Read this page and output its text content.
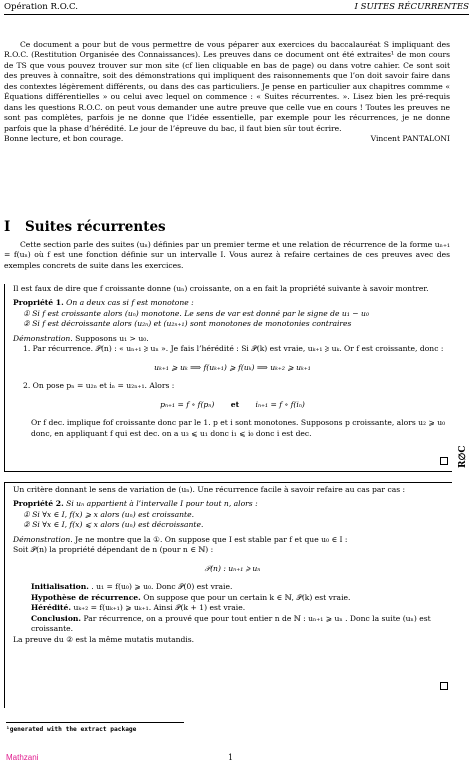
Opération R.O.C.	I SUITES RÉCURRENTES

Ce document a pour but de vous permettre de vous péparer aux exercices du baccalauréat S impliquant des R.O.C. (Restitution Organisée des Connaissances). Les preuves dans ce document ont été extraites¹ de mon cours de TS que vous pouvez trouver sur mon site (cf lien cliquable en bas de page) ou dans votre cahier. Ce sont soit des preuves à connaître, soit des démonstrations qui impliquent des raisonnements que l’on doit savoir faire dans des contextes légèrement différents, ou dans des cas particuliers. Je pense en particulier aux chapitres commme « Équations différentielles » ou celui avec lequel on commence : « Suites récurrentes. ». Lisez bien les pré-requis dans les questions R.O.C. on peut vous demander une autre preuve que celle vue en cours ! Toutes les preuves ne sont pas complètes, parfois je ne donne que l’idée essentielle, par exemple pour les récurrences, je ne donne parfois que la phase d’hérédité. Le jour de l’épreuve du bac, il faut bien sûr tout écrire.

Bonne lecture, et bon courage.	Vincent PANTALONI
I Suites récurrentes

Cette section parle des suites (uₙ) définies par un premier terme et une relation de récurrence de la forme uₙ₊₁ = f(uₙ) où f est une fonction définie sur un intervalle I. Vous aurez à refaire certaines de ces preuves avec des exemples concrets de suite dans les exercices.

Il est faux de dire que f croissante donne (uₙ) croissante, on a en fait la propriété suivante à savoir montrer.
Propriété 1. On a deux cas si f est monotone :
① Si f est croissante alors (uₙ) monotone. Le sens de var est donné par le signe de u₁ − u₀
② Si f est décroissante alors (u₂ₙ) et (u₂ₙ₊₁) sont monotones de monotonies contraires
Démonstration. Supposons u₁ > u₀.
1. Par récurrence. 𝒫(n) : « uₙ₊₁ ⩾ uₙ ». Je fais l’hérédité : Si 𝒫(k) est vraie, uₖ₊₁ ⩾ uₖ. Or f est croissante, donc :
uₖ₊₁ ⩾ uₖ ⟹ f(uₖ₊₁) ⩾ f(uₖ) ⟹ uₖ₊₂ ⩾ uₖ₊₁
2. On pose pₙ = u₂ₙ et iₙ = u₂ₙ₊₁. Alors :
pₙ₊₁ = f ∘ f(pₙ) et iₙ₊₁ = f ∘ f(iₙ)
Or f dec. implique fof croissante donc par le 1. p et i sont monotones. Supposons p croissante, alors u₂ ⩾ u₀ donc, en appliquant f qui est dec. on a u₃ ⩽ u₁ donc i₁ ⩽ i₀ donc i est dec.
R∅C
Un critère donnant le sens de variation de (uₙ). Une récurrence facile à savoir refaire au cas par cas :
Propriété 2. Si uₙ appartient à l’intervalle I pour tout n, alors :
① Si ∀x ∈ I, f(x) ⩾ x alors (uₙ) est croissante.
② Si ∀x ∈ I, f(x) ⩽ x alors (uₙ) est décroissante.
Démonstration. Je ne montre que la ①. On suppose que I est stable par f et que u₀ ∈ I :
Soit 𝒫(n) la propriété dépendant de n (pour n ∈ ℕ) :
𝒫(n) : uₙ₊₁ ⩾ uₙ
Initialisation. . u₁ = f(u₀) ⩾ u₀. Donc 𝒫(0) est vraie.
Hypothèse de récurrence. On suppose que pour un certain k ∈ ℕ, 𝒫(k) est vraie.
Hérédité. uₖ₊₂ = f(uₖ₊₁) ⩾ uₖ₊₁. Ainsi 𝒫(k + 1) est vraie.
Conclusion. Par récurrence, on a prouvé que pour tout entier n de ℕ : uₙ₊₁ ⩾ uₙ . Donc la suite (uₙ) est croissante.
La preuve du ② est la même mutatis mutandis.
¹generated with the extract package
Mathzani	1
